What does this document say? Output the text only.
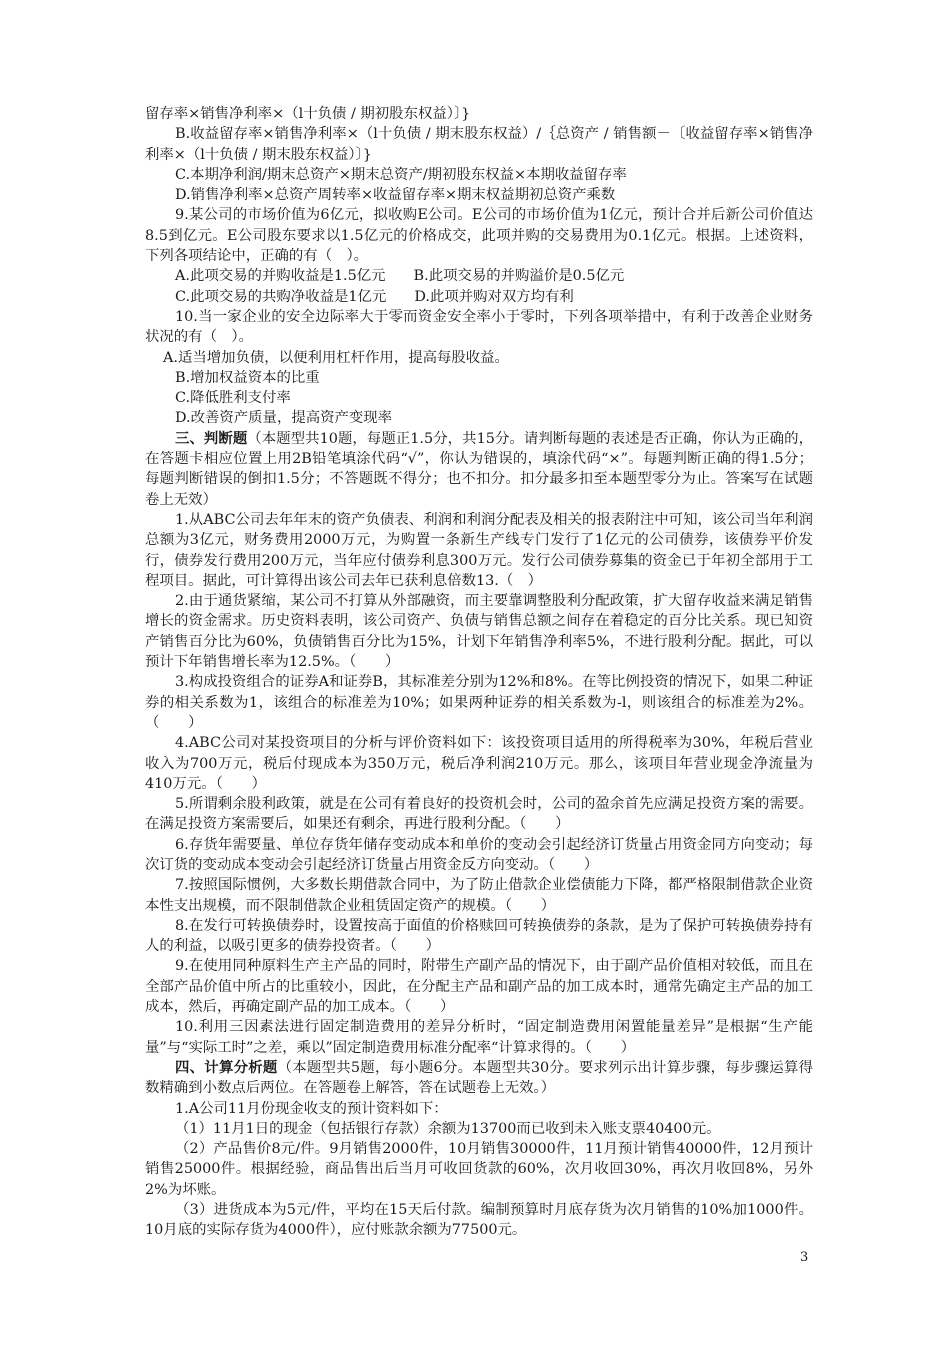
留存率×销售净利率×（l十负债 / 期初股东权益）〕}

B.收益留存率×销售净利率×（l十负债 / 期末股东权益）/｛总资产 / 销售额－〔收益留存率×销售净利率×（l十负债 / 期末股东权益）〕}

C.本期净利润/期末总资产×期末总资产/期初股东权益×本期收益留存率

D.销售净利率×总资产周转率×收益留存率×期末权益期初总资产乘数

9.某公司的市场价值为6亿元，拟收购E公司。E公司的市场价值为1亿元，预计合并后新公司价值达8.5到亿元。E公司股东要求以1.5亿元的价格成交，此项并购的交易费用为0.1亿元。根据。上述资料，下列各项结论中，正确的有（　）。

A.此项交易的并购收益是1.5亿元 B.此项交易的并购溢价是0.5亿元

C.此项交易的共购净收益是1亿元 D.此项并购对双方均有利

10.当一家企业的安全边际率大于零而资金安全率小于零时，下列各项举措中，有利于改善企业财务状况的有（　）。

A.适当增加负债，以便利用杠杆作用，提高每股收益。

B.增加权益资本的比重

C.降低胜利支付率

D.改善资产质量，提高资产变现率

三、判断题（本题型共10题，每题正1.5分，共15分。请判断每题的表述是否正确，你认为正确的，在答题卡相应位置上用2B铅笔填涂代码“√”，你认为错误的，填涂代码“×”。每题判断正确的得1.5分；每题判断错误的倒扣1.5分；不答题既不得分；也不扣分。扣分最多扣至本题型零分为止。答案写在试题卷上无效）

1.从ABC公司去年年末的资产负债表、利润和利润分配表及相关的报表附注中可知，该公司当年利润总额为3亿元，财务费用2000万元，为购置一条新生产线专门发行了1亿元的公司债券，该债券平价发行，债券发行费用200万元，当年应付债券利息300万元。发行公司债券募集的资金已于年初全部用于工程项目。据此，可计算得出该公司去年已获利息倍数13.（　）

2.由于通货紧缩，某公司不打算从外部融资，而主要靠调整股利分配政策，扩大留存收益来满足销售增长的资金需求。历史资料表明，该公司资产、负债与销售总额之间存在着稳定的百分比关系。现已知资产销售百分比为60%，负债销售百分比为15%，计划下年销售净利率5%，不进行股利分配。据此，可以预计下年销售增长率为12.5%。（　　）

3.构成投资组合的证券A和证券B，其标准差分别为12%和8%。在等比例投资的情况下，如果二种证券的相关系数为1，该组合的标准差为10%；如果两种证券的相关系数为-l，则该组合的标准差为2%。（　　）

4.ABC公司对某投资项目的分析与评价资料如下：该投资项目适用的所得税率为30%，年税后营业收入为700万元，税后付现成本为350万元，税后净利润210万元。那么，该项目年营业现金净流量为410万元。（　　）

5.所谓剩余股利政策，就是在公司有着良好的投资机会时，公司的盈余首先应满足投资方案的需要。在满足投资方案需要后，如果还有剩余，再进行股利分配。（　　）

6.存货年需要量、单位存货年储存变动成本和单价的变动会引起经济订货量占用资金同方向变动；每次订货的变动成本变动会引起经济订货量占用资金反方向变动。（　　）

7.按照国际惯例，大多数长期借款合同中，为了防止借款企业偿债能力下降，都严格限制借款企业资本性支出规模，而不限制借款企业租赁固定资产的规模。（　　）

8.在发行可转换债券时，设置按高于面值的价格赎回可转换债券的条款，是为了保护可转换债券持有人的利益，以吸引更多的债券投资者。（　　）

9.在使用同种原料生产主产品的同时，附带生产副产品的情况下，由于副产品价值相对较低，而且在全部产品价值中所占的比重较小，因此，在分配主产品和副产品的加工成本时，通常先确定主产品的加工成本，然后，再确定副产品的加工成本。（　　）

10.利用三因素法进行固定制造费用的差异分析时，“固定制造费用闲置能量差异”是根据“生产能量”与“实际工时”之差，乘以”固定制造费用标准分配率“计算求得的。（　　）

四、计算分析题（本题型共5题，每小题6分。本题型共30分。要求列示出计算步骤，每步骤运算得数精确到小数点后两位。在答题卷上解答，答在试题卷上无效。）

1.A公司11月份现金收支的预计资料如下：

（1）11月1日的现金（包括银行存款）余额为13700而已收到未入账支票40400元。

（2）产品售价8元/件。9月销售2000件，10月销售30000件，11月预计销售40000件，12月预计销售25000件。根据经验，商品售出后当月可收回货款的60%，次月收回30%，再次月收回8%，另外2%为坏账。

（3）进货成本为5元/件，平均在15天后付款。编制预算时月底存货为次月销售的10%加1000件。10月底的实际存货为4000件），应付账款余额为77500元。

3
